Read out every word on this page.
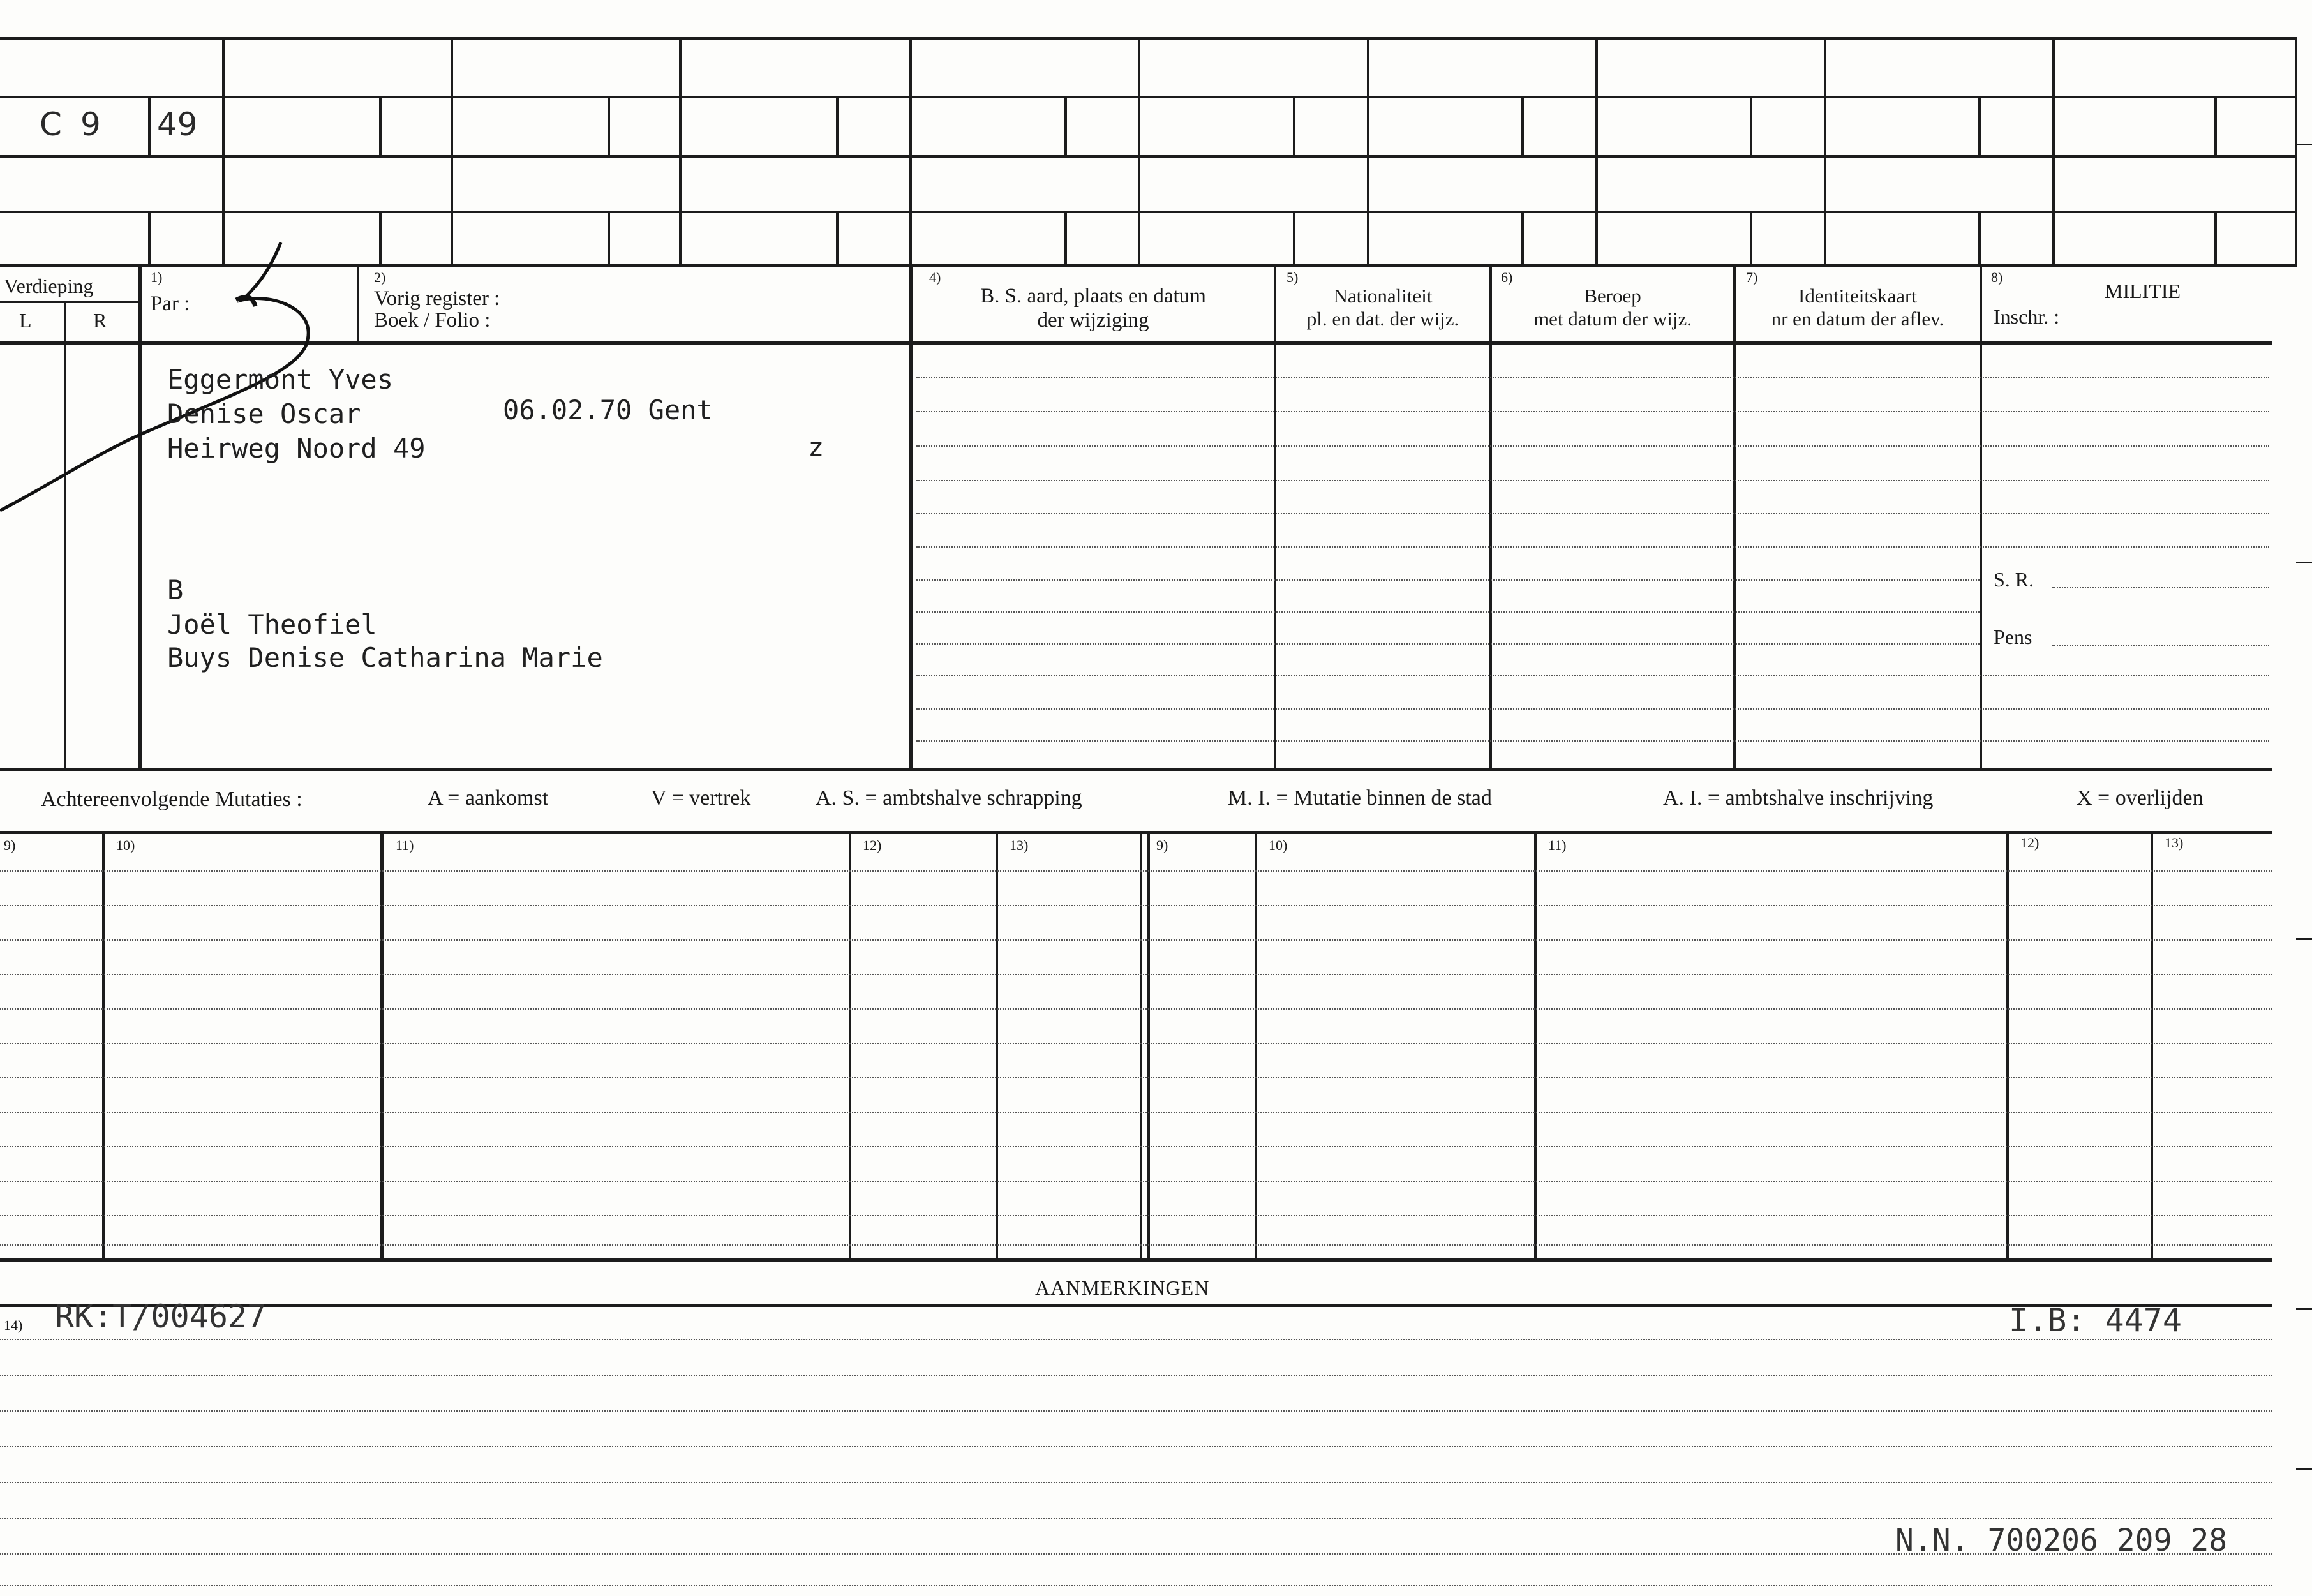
C 9 49
Verdieping
L	R
1)
Par :
2)
Vorig register :
Boek / Folio :
4)
B. S. aard, plaats en datum
der wijziging
5)
Nationaliteit
pl. en dat. der wijz.
6)
Beroep
met datum der wijz.
7)
Identiteitskaart
nr en datum der aflev.
8)
MILITIE
Inschr. :
Eggermont Yves
Denise Oscar	06.02.70 Gent
Heirweg Noord 49	z
B
Joël Theofiel
Buys Denise Catharina Marie
S. R.
Pens
Achtereenvolgende Mutaties :	A = aankomst	V = vertrek	A. S. = ambtshalve schrapping	M. I. = Mutatie binnen de stad	A. I. = ambtshalve inschrijving	X = overlijden
9)	10)	11)	12)	13)	9)	10)	11)	12)	13)
AANMERKINGEN
14) RK:T/004627	I.B: 4474
N.N. 700206 209 28
